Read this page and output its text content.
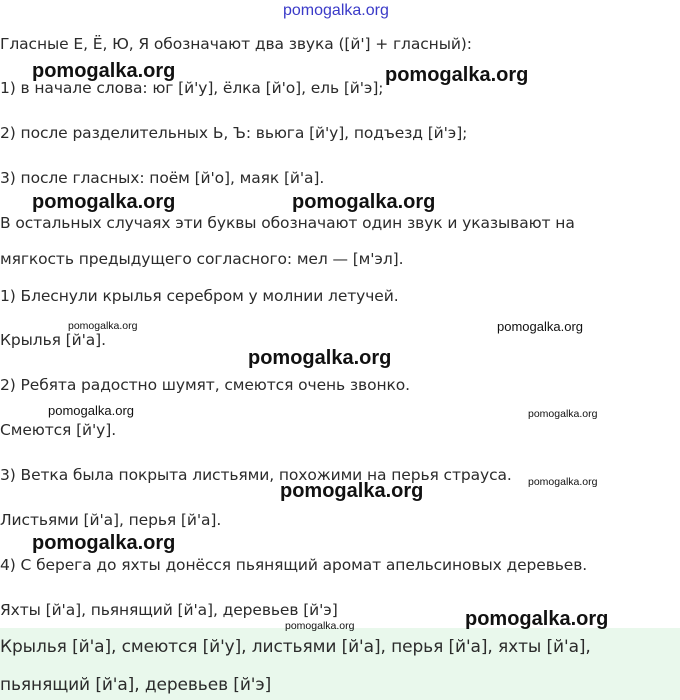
pomogalka.org
Гласные Е, Ё, Ю, Я обозначают два звука ([й'] + гласный):
1) в начале слова: юг [й'у], ёлка [й'о], ель [й'э];
2) после разделительных Ь, Ъ: вьюга [й'у], подъезд [й'э];
3) после гласных: поём [й'о], маяк [й'а].
В остальных случаях эти буквы обозначают один звук и указывают на
мягкость предыдущего согласного: мел — [м'эл].
1) Блеснули крылья серебром у молнии летучей.
Крылья [й'а].
2) Ребята радостно шумят, смеются очень звонко.
Смеются [й'у].
3) Ветка была покрыта листьями, похожими на перья страуса.
Листьями [й'а], перья [й'а].
4) С берега до яхты донёсся пьянящий аромат апельсиновых деревьев.
Яхты [й'а], пьянящий [й'а], деревьев [й'э]
Крылья [й'а], смеются [й'у], листьями [й'а], перья [й'а], яхты [й'а],
пьянящий [й'а], деревьев [й'э]
pomogalka.org	pomogalka.org
pomogalka.org	pomogalka.org
pomogalka.org	pomogalka.org
pomogalka.org
pomogalka.org	pomogalka.org
pomogalka.org
pomogalka.org
pomogalka.org
pomogalka.org
pomogalka.org
